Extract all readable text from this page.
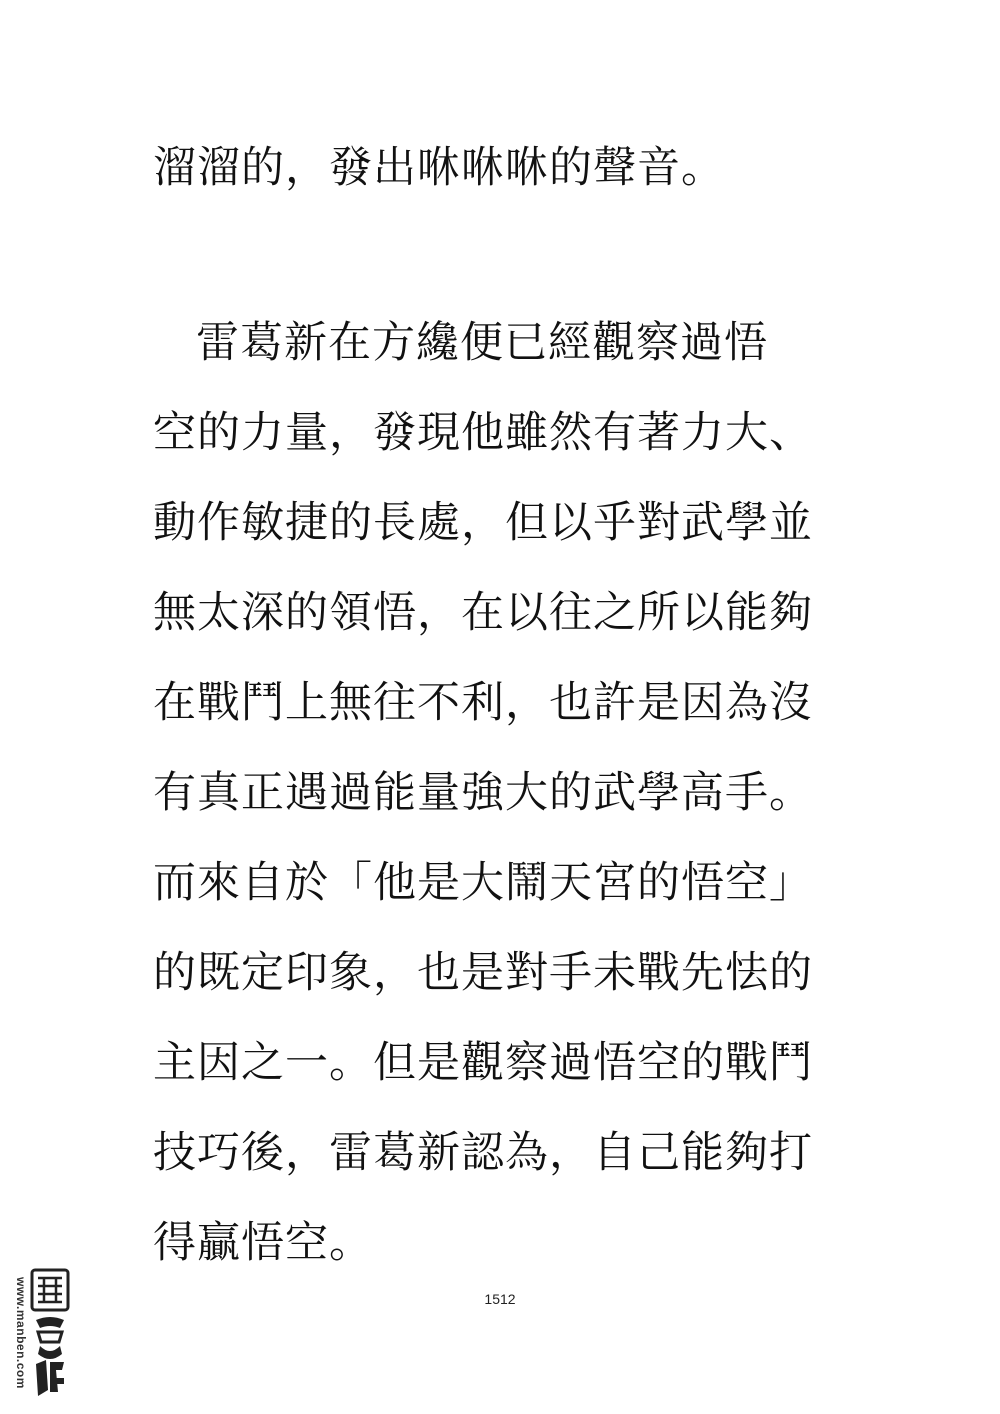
溜溜的，發出咻咻咻的聲音。
雷葛新在方纔便已經觀察過悟
空的力量，發現他雖然有著力大、
動作敏捷的長處，但以乎對武學並
無太深的領悟，在以往之所以能夠
在戰鬥上無往不利，也許是因為沒
有真正遇過能量強大的武學高手。
而來自於「他是大鬧天宮的悟空」
的既定印象，也是對手未戰先怯的
主因之一。但是觀察過悟空的戰鬥
技巧後，雷葛新認為，自己能夠打
得贏悟空。
1512
www.manben.com
